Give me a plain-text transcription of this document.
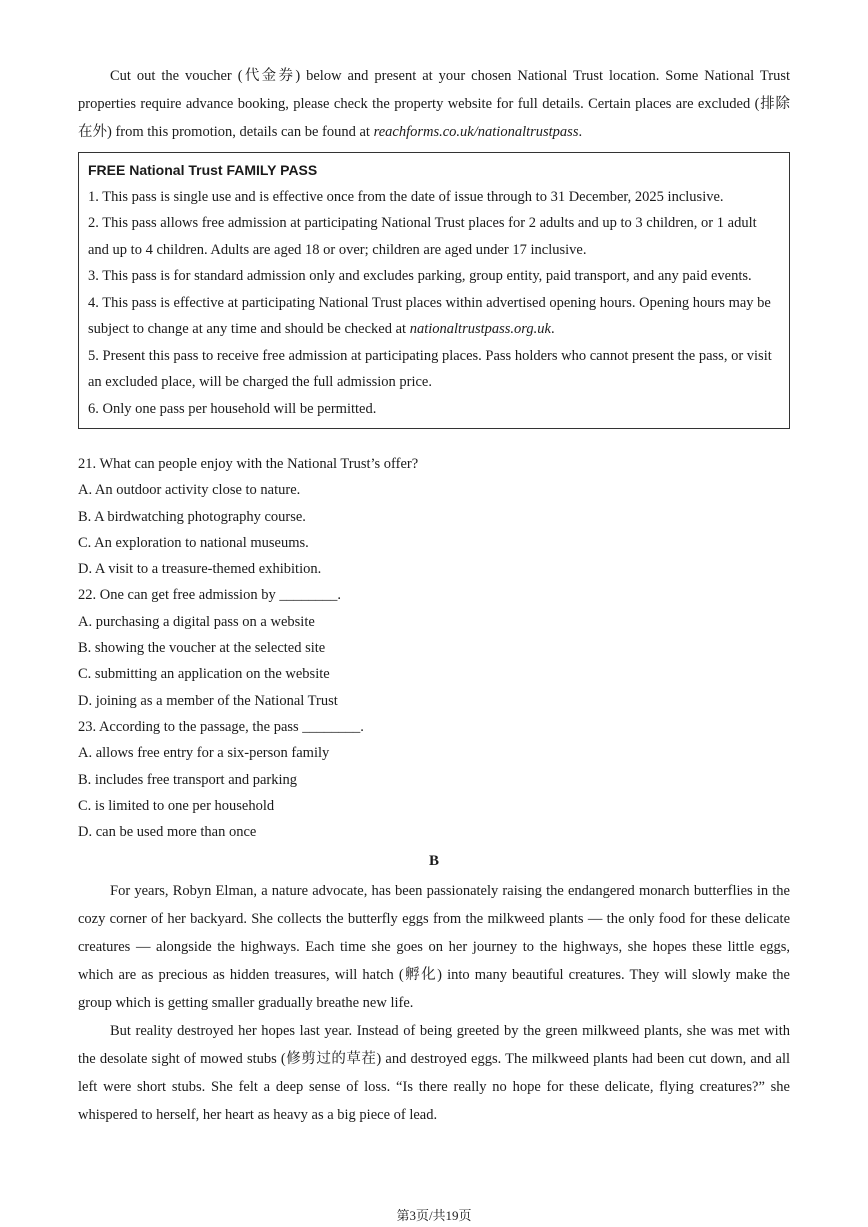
Cut out the voucher (代金券) below and present at your chosen National Trust location. Some National Trust properties require advance booking, please check the property website for full details. Certain places are excluded (排除在外) from this promotion, details can be found at reachforms.co.uk/nationaltrustpass.

FREE National Trust FAMILY PASS

1. This pass is single use and is effective once from the date of issue through to 31 December, 2025 inclusive.

2. This pass allows free admission at participating National Trust places for 2 adults and up to 3 children, or 1 adult and up to 4 children. Adults are aged 18 or over; children are aged under 17 inclusive.

3. This pass is for standard admission only and excludes parking, group entity, paid transport, and any paid events.

4. This pass is effective at participating National Trust places within advertised opening hours. Opening hours may be subject to change at any time and should be checked at nationaltrustpass.org.uk.

5. Present this pass to receive free admission at participating places. Pass holders who cannot present the pass, or visit an excluded place, will be charged the full admission price.

6. Only one pass per household will be permitted.

21. What can people enjoy with the National Trust’s offer?

A. An outdoor activity close to nature.

B. A birdwatching photography course.

C. An exploration to national museums.

D. A visit to a treasure-themed exhibition.

22. One can get free admission by ________.

A. purchasing a digital pass on a website

B. showing the voucher at the selected site

C. submitting an application on the website

D. joining as a member of the National Trust

23. According to the passage, the pass ________.

A. allows free entry for a six-person family

B. includes free transport and parking

C. is limited to one per household

D. can be used more than once

B

For years, Robyn Elman, a nature advocate, has been passionately raising the endangered monarch butterflies in the cozy corner of her backyard. She collects the butterfly eggs from the milkweed plants — the only food for these delicate creatures — alongside the highways. Each time she goes on her journey to the highways, she hopes these little eggs, which are as precious as hidden treasures, will hatch (孵化) into many beautiful creatures. They will slowly make the group which is getting smaller gradually breathe new life.

But reality destroyed her hopes last year. Instead of being greeted by the green milkweed plants, she was met with the desolate sight of mowed stubs (修剪过的草茬) and destroyed eggs. The milkweed plants had been cut down, and all left were short stubs. She felt a deep sense of loss. “Is there really no hope for these delicate, flying creatures?” she whispered to herself, her heart as heavy as a big piece of lead.

第3页/共19页
